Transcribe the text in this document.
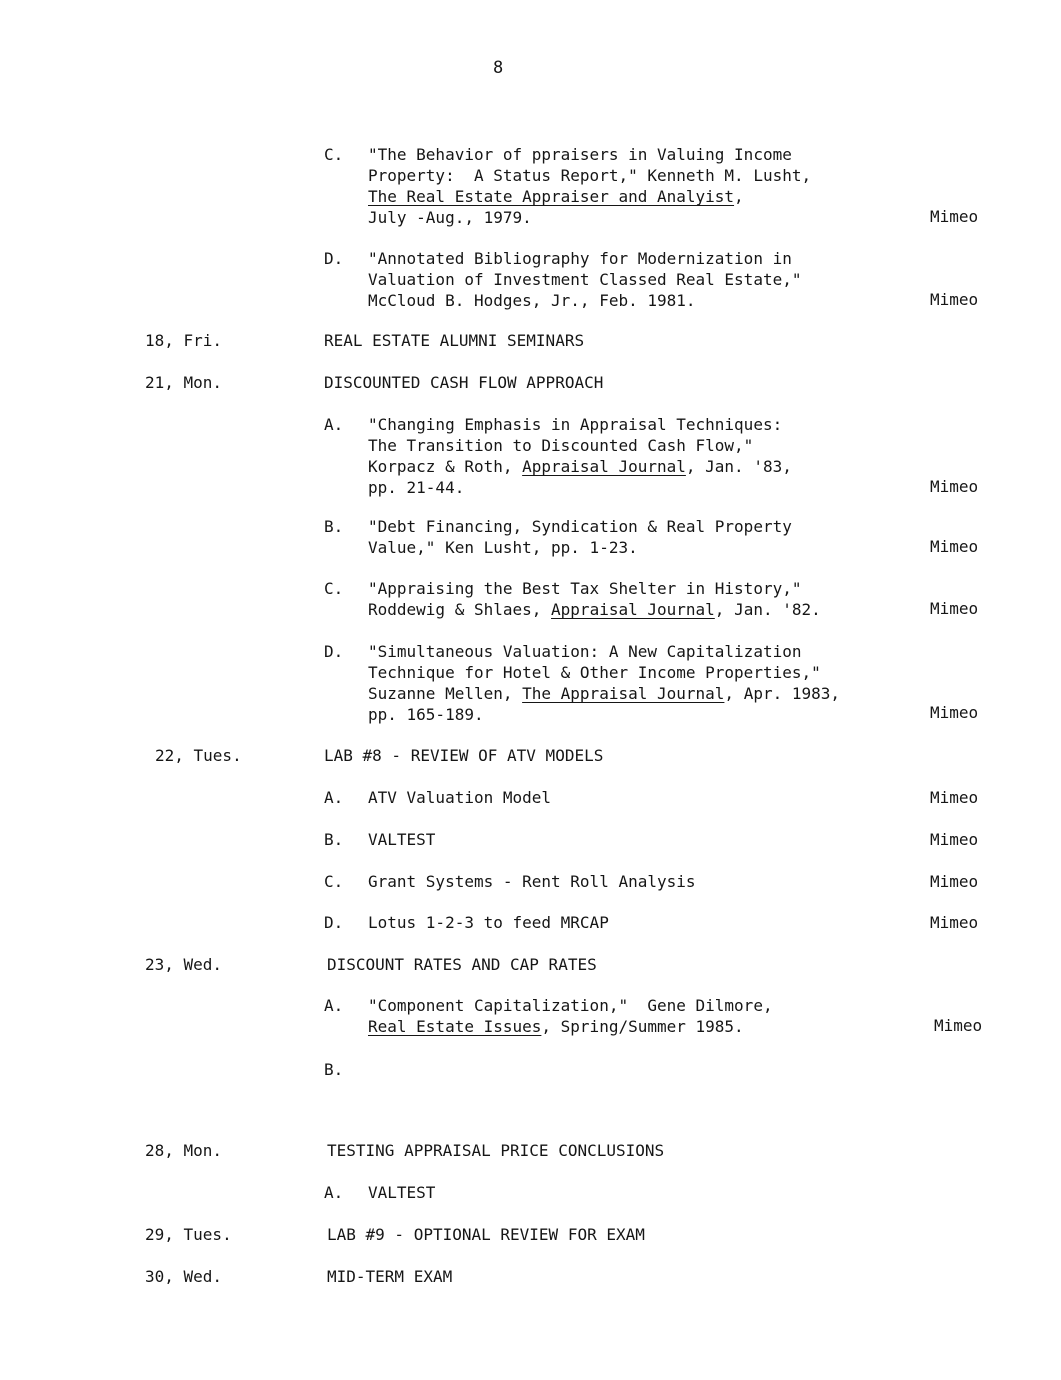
8
C. "The Behavior of ppraisers in Valuing Income
Property:  A Status Report," Kenneth M. Lusht,
The Real Estate Appraiser and Analyist,
July -Aug., 1979.	Mimeo
D. "Annotated Bibliography for Modernization in
Valuation of Investment Classed Real Estate,"
McCloud B. Hodges, Jr., Feb. 1981.	Mimeo
18, Fri.	REAL ESTATE ALUMNI SEMINARS
21, Mon.	DISCOUNTED CASH FLOW APPROACH
A. "Changing Emphasis in Appraisal Techniques:
The Transition to Discounted Cash Flow,"
Korpacz & Roth, Appraisal Journal, Jan. '83,
pp. 21-44.	Mimeo
B. "Debt Financing, Syndication & Real Property
Value," Ken Lusht, pp. 1-23.	Mimeo
C. "Appraising the Best Tax Shelter in History,"
Roddewig & Shlaes, Appraisal Journal, Jan. '82.	Mimeo
D. "Simultaneous Valuation: A New Capitalization
Technique for Hotel & Other Income Properties,"
Suzanne Mellen, The Appraisal Journal, Apr. 1983,
pp. 165-189.	Mimeo
22, Tues.	LAB #8 - REVIEW OF ATV MODELS
A. ATV Valuation Model	Mimeo
B. VALTEST	Mimeo
C. Grant Systems - Rent Roll Analysis	Mimeo
D. Lotus 1-2-3 to feed MRCAP	Mimeo
23, Wed.	DISCOUNT RATES AND CAP RATES
A. "Component Capitalization,"  Gene Dilmore,
Real Estate Issues, Spring/Summer 1985.	Mimeo
B.
28, Mon.	TESTING APPRAISAL PRICE CONCLUSIONS
A. VALTEST
29, Tues.	LAB #9 - OPTIONAL REVIEW FOR EXAM
30, Wed.	MID-TERM EXAM
